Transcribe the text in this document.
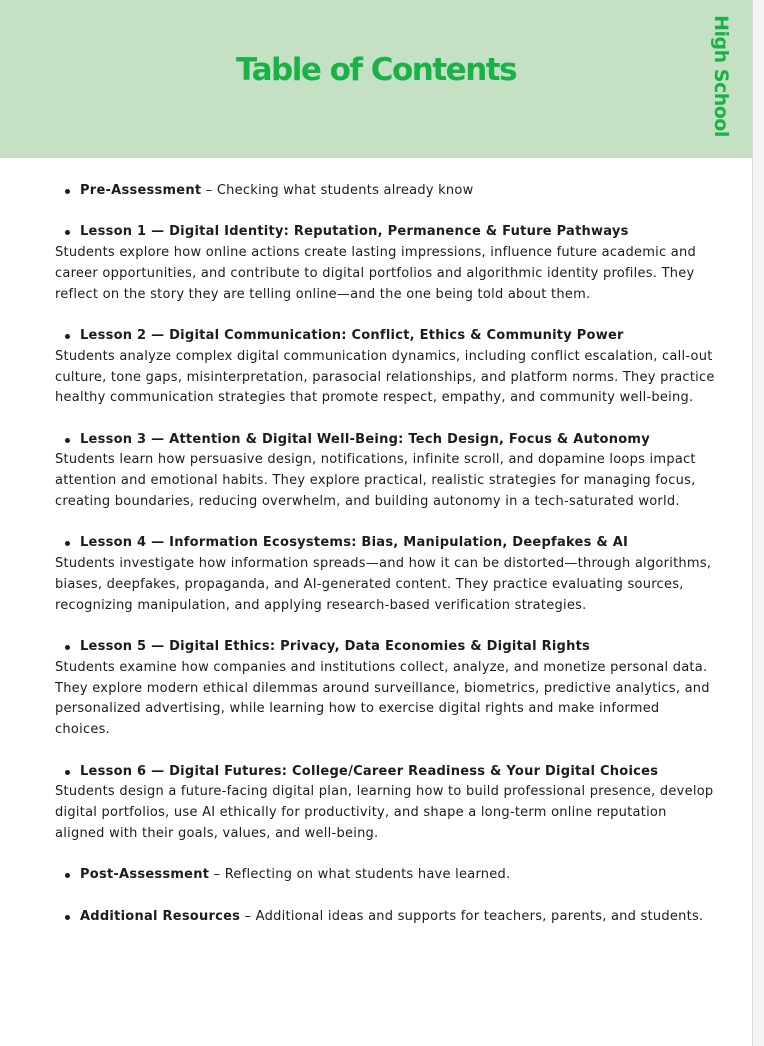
Table of Contents	High School
Pre-Assessment – Checking what students already know
Lesson 1 — Digital Identity: Reputation, Permanence & Future Pathways

Students explore how online actions create lasting impressions, influence future academic and career opportunities, and contribute to digital portfolios and algorithmic identity profiles. They reflect on the story they are telling online—and the one being told about them.

Lesson 2 — Digital Communication: Conflict, Ethics & Community Power

Students analyze complex digital communication dynamics, including conflict escalation, call-out culture, tone gaps, misinterpretation, parasocial relationships, and platform norms. They practice healthy communication strategies that promote respect, empathy, and community well-being.

Lesson 3 — Attention & Digital Well-Being: Tech Design, Focus & Autonomy

Students learn how persuasive design, notifications, infinite scroll, and dopamine loops impact attention and emotional habits. They explore practical, realistic strategies for managing focus, creating boundaries, reducing overwhelm, and building autonomy in a tech-saturated world.

Lesson 4 — Information Ecosystems: Bias, Manipulation, Deepfakes & AI

Students investigate how information spreads—and how it can be distorted—through algorithms, biases, deepfakes, propaganda, and AI-generated content. They practice evaluating sources, recognizing manipulation, and applying research-based verification strategies.

Lesson 5 — Digital Ethics: Privacy, Data Economies & Digital Rights

Students examine how companies and institutions collect, analyze, and monetize personal data. They explore modern ethical dilemmas around surveillance, biometrics, predictive analytics, and personalized advertising, while learning how to exercise digital rights and make informed choices.

Lesson 6 — Digital Futures: College/Career Readiness & Your Digital Choices

Students design a future-facing digital plan, learning how to build professional presence, develop digital portfolios, use AI ethically for productivity, and shape a long-term online reputation aligned with their goals, values, and well-being.

Post-Assessment – Reflecting on what students have learned.
Additional Resources – Additional ideas and supports for teachers, parents, and students.
